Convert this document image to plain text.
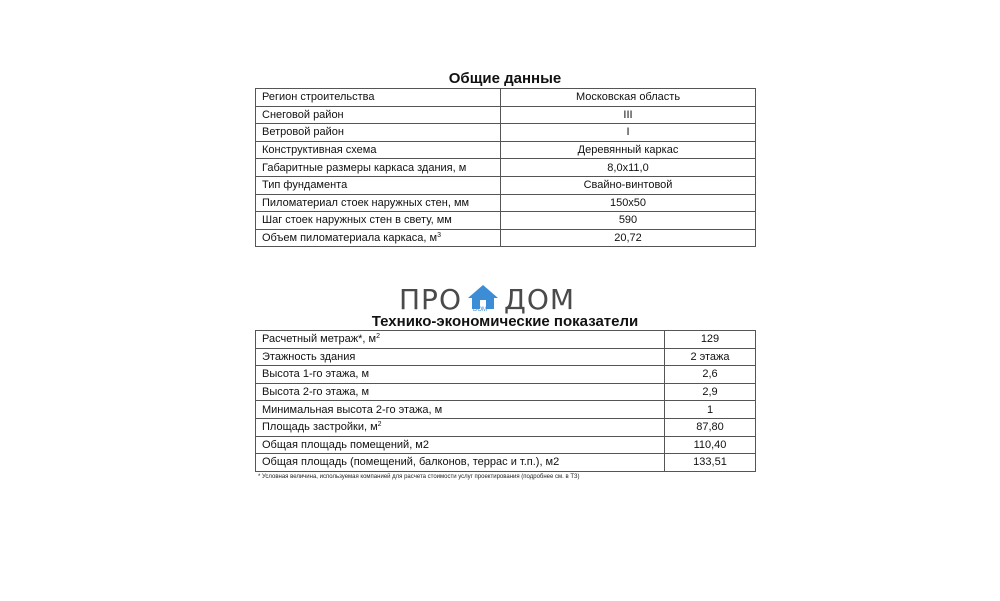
Общие данные
Регион строительства	Московская область
Снеговой район	III
Ветровой район	I
Конструктивная схема	Деревянный каркас
Габаритные размеры каркаса здания, м	8,0x11,0
Тип фундамента	Свайно-винтовой
Пиломатериал стоек наружных стен, мм	150x50
Шаг стоек наружных стен в свету, мм	590
Объем пиломатериала каркаса, $м^3$	20,72
ПРО DOM ДОМ
Технико-экономические показатели
Расчетный метраж*, $м^2$	129
Этажность здания	2 этажа
Высота 1-го этажа, м	2,6
Высота 2-го этажа, м	2,9
Минимальная высота 2-го этажа, м	1
Площадь застройки, $м^2$	87,80
Общая площадь помещений, м2	110,40
Общая площадь (помещений, балконов, террас и т.п.), м2	133,51
* Условная величина, используемая компанией для расчета стоимости услуг проектирования (подробнее см. в ТЗ)
